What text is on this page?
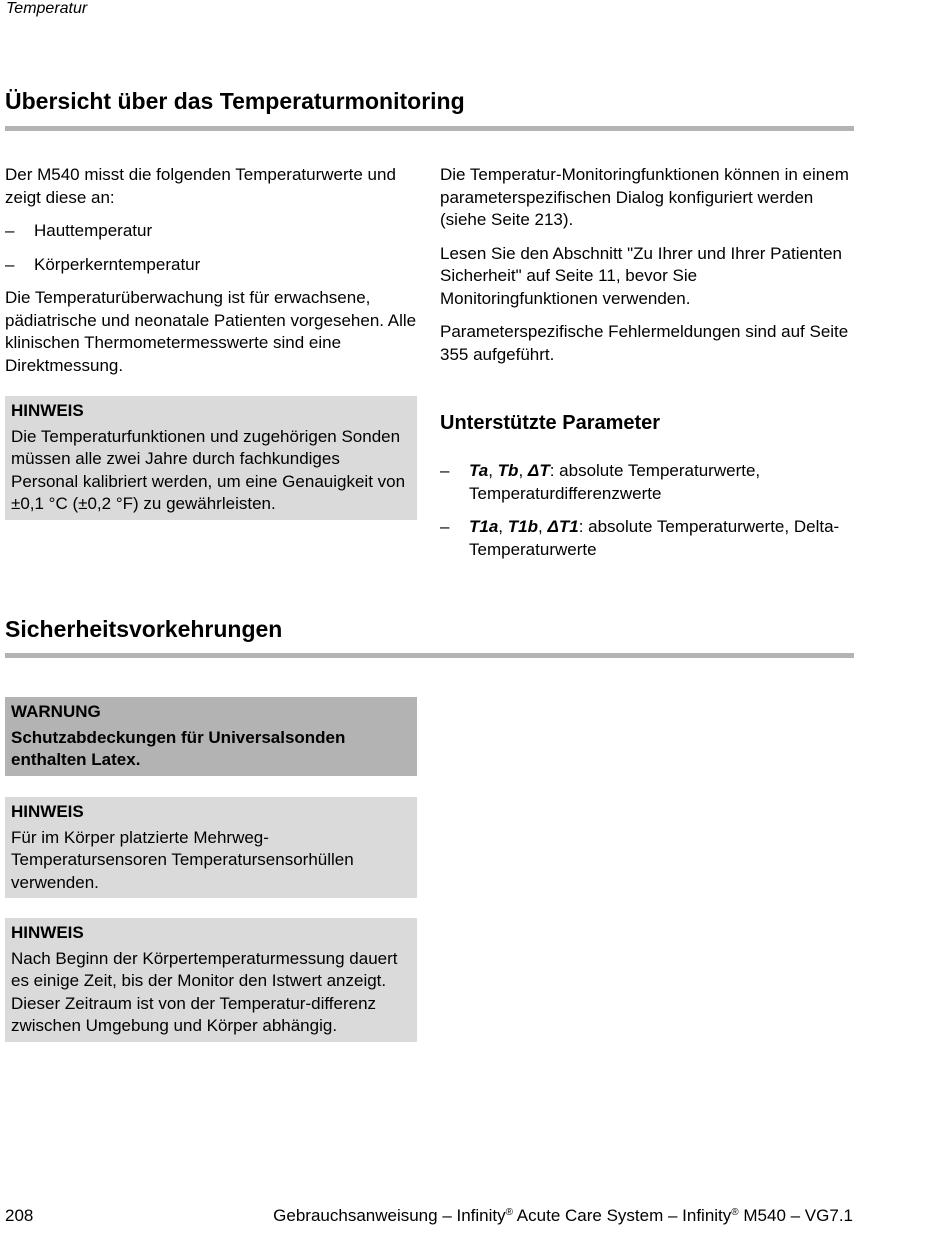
Temperatur
Übersicht über das Temperaturmonitoring

Der M540 misst die folgenden Temperaturwerte und zeigt diese an:

– Hauttemperatur
– Körperkerntemperatur

Die Temperaturüberwachung ist für erwachsene, pädiatrische und neonatale Patienten vorgesehen. Alle klinischen Thermometermesswerte sind eine Direktmessung.

HINWEIS
Die Temperaturfunktionen und zugehörigen Sonden müssen alle zwei Jahre durch fachkundiges Personal kalibriert werden, um eine Genauigkeit von ±0,1 °C (±0,2 °F) zu gewährleisten.

Die Temperatur-Monitoringfunktionen können in einem parameterspezifischen Dialog konfiguriert werden (siehe Seite 213).

Lesen Sie den Abschnitt "Zu Ihrer und Ihrer Patienten Sicherheit" auf Seite 11, bevor Sie Monitoringfunktionen verwenden.

Parameterspezifische Fehlermeldungen sind auf Seite 355 aufgeführt.

Unterstützte Parameter
– Ta, Tb, ΔT: absolute Temperaturwerte, Temperaturdifferenzwerte
– T1a, T1b, ΔT1: absolute Temperaturwerte, Delta-Temperaturwerte
Sicherheitsvorkehrungen
WARNUNG
Schutzabdeckungen für Universalsonden enthalten Latex.
HINWEIS
Für im Körper platzierte Mehrweg-Temperatursensoren Temperatursensorhüllen verwenden.
HINWEIS
Nach Beginn der Körpertemperaturmessung dauert es einige Zeit, bis der Monitor den Istwert anzeigt. Dieser Zeitraum ist von der Temperatur-differenz zwischen Umgebung und Körper abhängig.
208	Gebrauchsanweisung – Infinity® Acute Care System – Infinity® M540 – VG7.1
